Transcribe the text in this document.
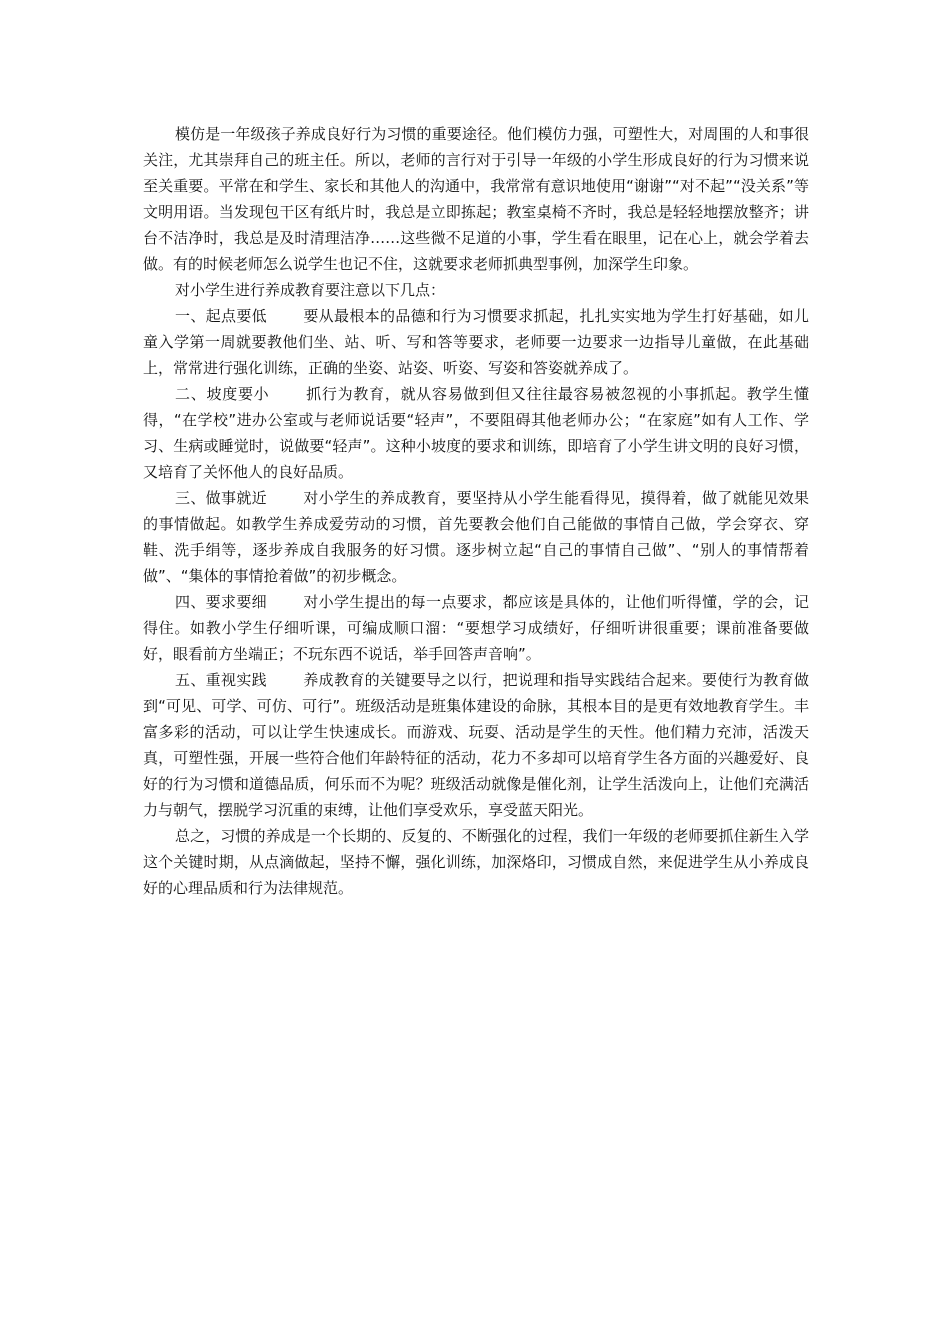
模仿是一年级孩子养成良好行为习惯的重要途径。他们模仿力强，可塑性大，对周围的人和事很关注，尤其崇拜自己的班主任。所以，老师的言行对于引导一年级的小学生形成良好的行为习惯来说至关重要。平常在和学生、家长和其他人的沟通中，我常常有意识地使用“谢谢”“对不起”“没关系”等文明用语。当发现包干区有纸片时，我总是立即拣起；教室桌椅不齐时，我总是轻轻地摆放整齐；讲台不洁净时，我总是及时清理洁净……这些微不足道的小事，学生看在眼里，记在心上，就会学着去做。有的时候老师怎么说学生也记不住，这就要求老师抓典型事例，加深学生印象。

对小学生进行养成教育要注意以下几点：

一、起点要低 要从最根本的品德和行为习惯要求抓起，扎扎实实地为学生打好基础，如儿童入学第一周就要教他们坐、站、听、写和答等要求，老师要一边要求一边指导儿童做，在此基础上，常常进行强化训练，正确的坐姿、站姿、听姿、写姿和答姿就养成了。

二、坡度要小 抓行为教育，就从容易做到但又往往最容易被忽视的小事抓起。教学生懂得，“在学校”进办公室或与老师说话要“轻声”，不要阻碍其他老师办公；“在家庭”如有人工作、学习、生病或睡觉时，说做要“轻声”。这种小坡度的要求和训练，即培育了小学生讲文明的良好习惯，又培育了关怀他人的良好品质。

三、做事就近 对小学生的养成教育，要坚持从小学生能看得见，摸得着，做了就能见效果的事情做起。如教学生养成爱劳动的习惯，首先要教会他们自己能做的事情自己做，学会穿衣、穿鞋、洗手绢等，逐步养成自我服务的好习惯。逐步树立起“自己的事情自己做”、“别人的事情帮着做”、“集体的事情抢着做”的初步概念。

四、要求要细 对小学生提出的每一点要求，都应该是具体的，让他们听得懂，学的会，记得住。如教小学生仔细听课，可编成顺口溜：“要想学习成绩好，仔细听讲很重要；课前准备要做好，眼看前方坐端正；不玩东西不说话，举手回答声音响”。

五、重视实践 养成教育的关键要导之以行，把说理和指导实践结合起来。要使行为教育做到“可见、可学、可仿、可行”。班级活动是班集体建设的命脉，其根本目的是更有效地教育学生。丰富多彩的活动，可以让学生快速成长。而游戏、玩耍、活动是学生的天性。他们精力充沛，活泼天真，可塑性强，开展一些符合他们年龄特征的活动，花力不多却可以培育学生各方面的兴趣爱好、良好的行为习惯和道德品质，何乐而不为呢？班级活动就像是催化剂，让学生活泼向上，让他们充满活力与朝气，摆脱学习沉重的束缚，让他们享受欢乐，享受蓝天阳光。

总之，习惯的养成是一个长期的、反复的、不断强化的过程，我们一年级的老师要抓住新生入学这个关键时期，从点滴做起，坚持不懈，强化训练，加深烙印，习惯成自然，来促进学生从小养成良好的心理品质和行为法律规范。
